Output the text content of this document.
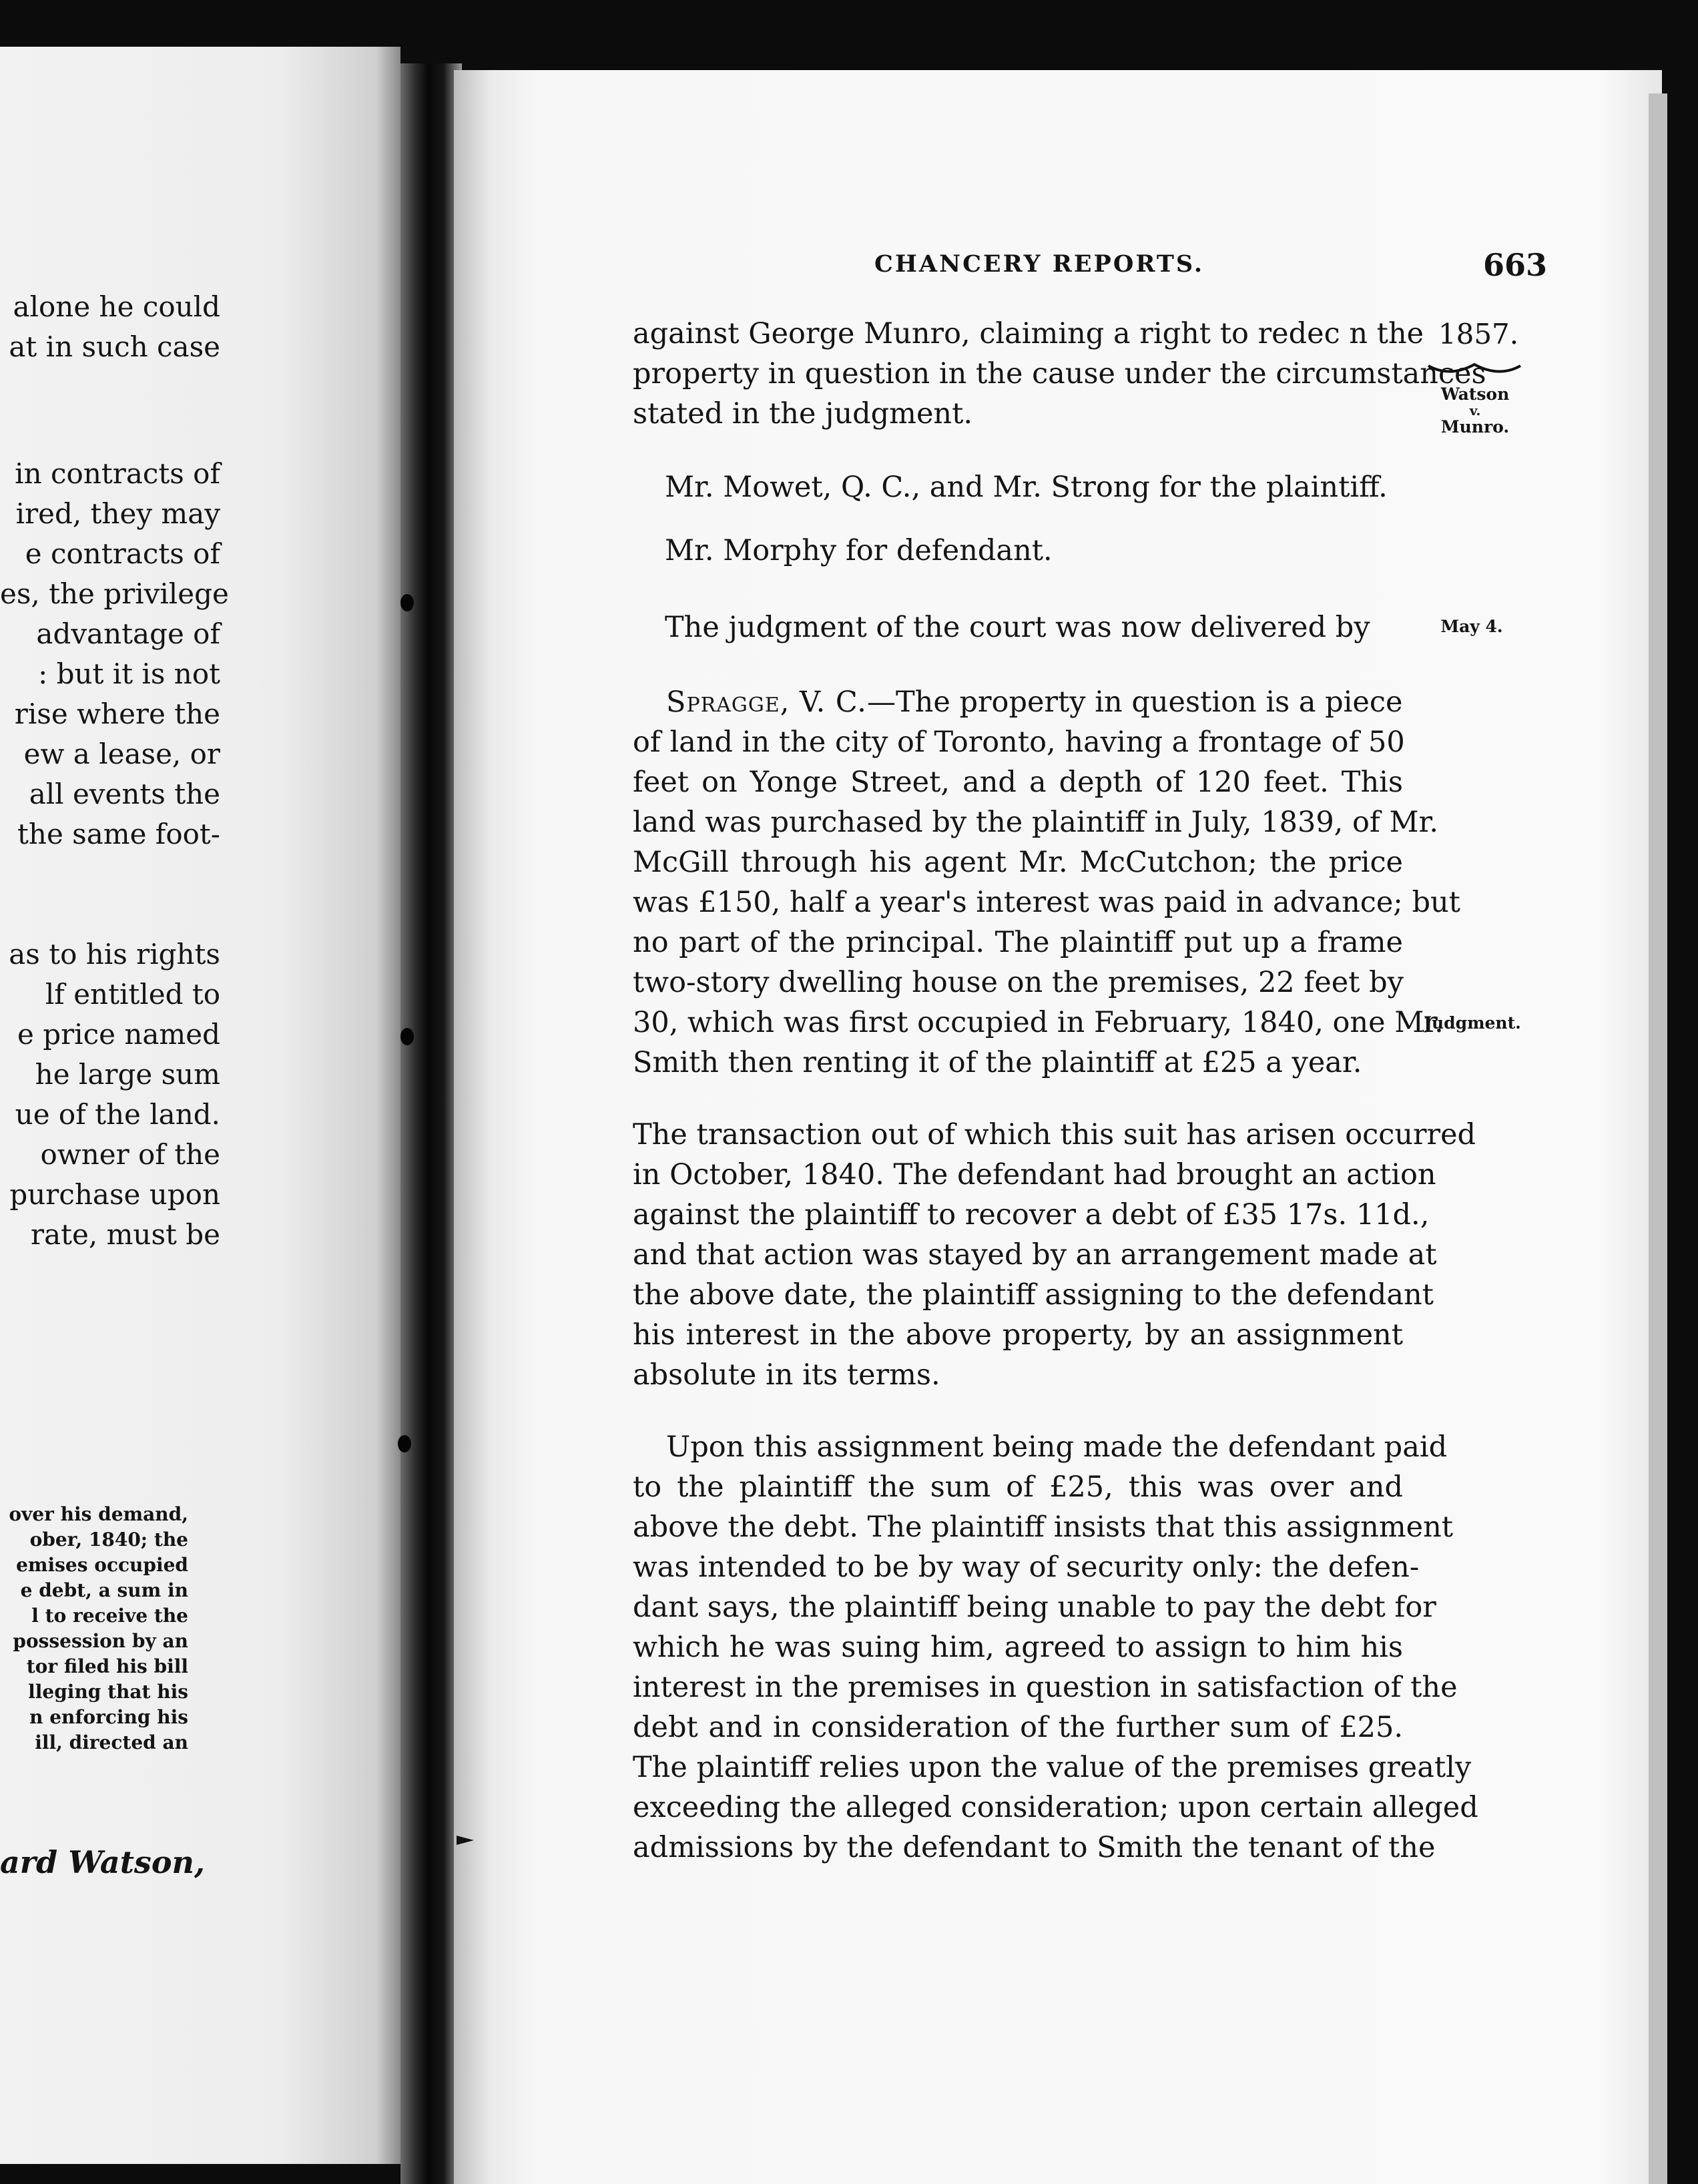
alone he could
at in such case
in contracts of
ired, they may
e contracts of
es, the privilege
advantage of
: but it is not
rise where the
ew a lease, or
all events the
the same foot-
as to his rights
lf entitled to
e price named
he large sum
ue of the land.
owner of the
purchase upon
rate, must be
over his demand,
ober, 1840; the
emises occupied
e debt, a sum in
l to receive the
possession by an
tor filed his bill
lleging that his
n enforcing his
ill, directed an
ard Watson,
CHANCERY REPORTS.	663
1857.
Watson
v.
Munro.
May 4.
Judgment.
against George Munro, claiming a right to redec n the
property in question in the cause under the circumstances
stated in the judgment.
Mr. Mowet, Q. C., and Mr. Strong for the plaintiff.
Mr. Morphy for defendant.
The judgment of the court was now delivered by
Spragge, V. C.—The property in question is a piece
of land in the city of Toronto, having a frontage of 50
feet on Yonge Street, and a depth of 120 feet. This
land was purchased by the plaintiff in July, 1839, of Mr.
McGill through his agent Mr. McCutchon; the price
was £150, half a year's interest was paid in advance; but
no part of the principal. The plaintiff put up a frame
two-story dwelling house on the premises, 22 feet by
30, which was first occupied in February, 1840, one Mr.
Smith then renting it of the plaintiff at £25 a year.
The transaction out of which this suit has arisen occurred
in October, 1840. The defendant had brought an action
against the plaintiff to recover a debt of £35 17s. 11d.,
and that action was stayed by an arrangement made at
the above date, the plaintiff assigning to the defendant
his interest in the above property, by an assignment
absolute in its terms.
Upon this assignment being made the defendant paid
to the plaintiff the sum of £25, this was over and
above the debt. The plaintiff insists that this assignment
was intended to be by way of security only: the defen-
dant says, the plaintiff being unable to pay the debt for
which he was suing him, agreed to assign to him his
interest in the premises in question in satisfaction of the
debt and in consideration of the further sum of £25.
The plaintiff relies upon the value of the premises greatly
exceeding the alleged consideration; upon certain alleged
admissions by the defendant to Smith the tenant of the
